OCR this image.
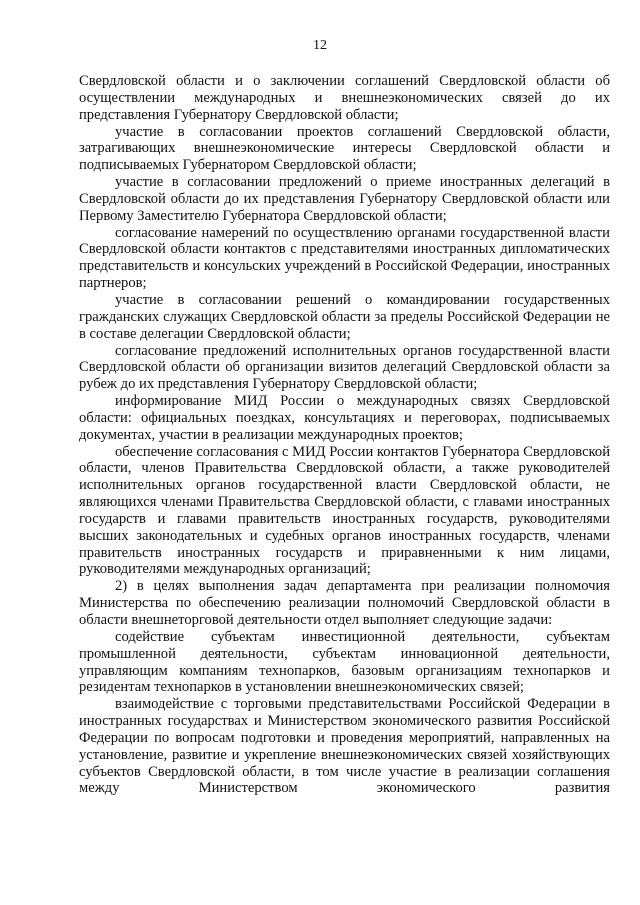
12

Свердловской области и о заключении соглашений Свердловской области об осуществлении международных и внешнеэкономических связей до их представления Губернатору Свердловской области;

участие в согласовании проектов соглашений Свердловской области, затрагивающих внешнеэкономические интересы Свердловской области и подписываемых Губернатором Свердловской области;

участие в согласовании предложений о приеме иностранных делегаций в Свердловской области до их представления Губернатору Свердловской области или Первому Заместителю Губернатора Свердловской области;

согласование намерений по осуществлению органами государственной власти Свердловской области контактов с представителями иностранных дипломатических представительств и консульских учреждений в Российской Федерации, иностранных партнеров;

участие в согласовании решений о командировании государственных гражданских служащих Свердловской области за пределы Российской Федерации не в составе делегации Свердловской области;

согласование предложений исполнительных органов государственной власти Свердловской области об организации визитов делегаций Свердловской области за рубеж до их представления Губернатору Свердловской области;

информирование МИД России о международных связях Свердловской области: официальных поездках, консультациях и переговорах, подписываемых документах, участии в реализации международных проектов;

обеспечение согласования с МИД России контактов Губернатора Свердловской области, членов Правительства Свердловской области, а также руководителей исполнительных органов государственной власти Свердловской области, не являющихся членами Правительства Свердловской области, с главами иностранных государств и главами правительств иностранных государств, руководителями высших законодательных и судебных органов иностранных государств, членами правительств иностранных государств и приравненными к ним лицами, руководителями международных организаций;

2) в целях выполнения задач департамента при реализации полномочия Министерства по обеспечению реализации полномочий Свердловской области в области внешнеторговой деятельности отдел выполняет следующие задачи:

содействие субъектам инвестиционной деятельности, субъектам промышленной деятельности, субъектам инновационной деятельности, управляющим компаниям технопарков, базовым организациям технопарков и резидентам технопарков в установлении внешнеэкономических связей;

взаимодействие с торговыми представительствами Российской Федерации в иностранных государствах и Министерством экономического развития Российской Федерации по вопросам подготовки и проведения мероприятий, направленных на установление, развитие и укрепление внешнеэкономических связей хозяйствующих субъектов Свердловской области, в том числе участие в реализации соглашения между Министерством экономического развития
